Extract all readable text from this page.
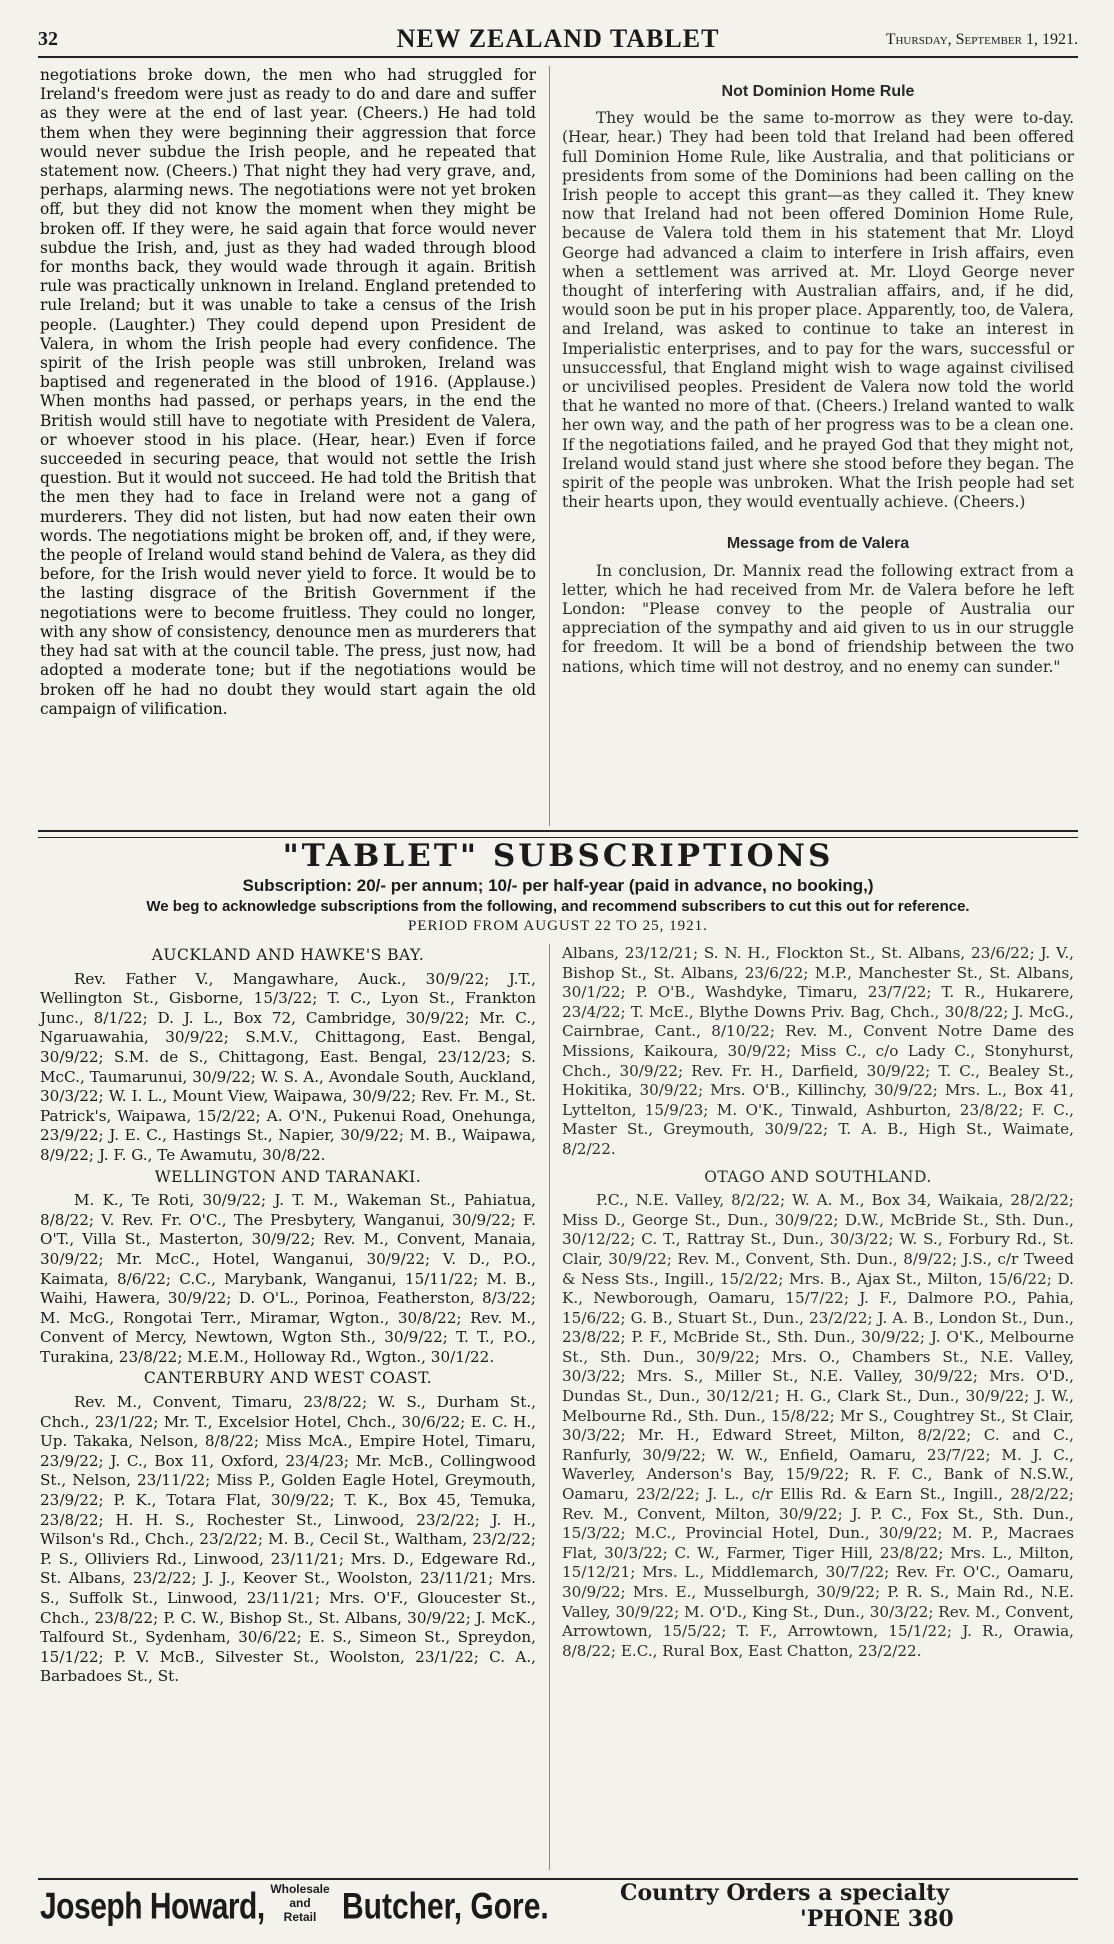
32	NEW ZEALAND TABLET	Thursday, September 1, 1921.

negotiations broke down, the men who had struggled for Ireland's freedom were just as ready to do and dare and suffer as they were at the end of last year. (Cheers.) He had told them when they were beginning their aggression that force would never subdue the Irish people, and he repeated that statement now. (Cheers.) That night they had very grave, and, perhaps, alarming news. The negotiations were not yet broken off, but they did not know the moment when they might be broken off. If they were, he said again that force would never subdue the Irish, and, just as they had waded through blood for months back, they would wade through it again. British rule was practically unknown in Ireland. England pretended to rule Ireland; but it was unable to take a census of the Irish people. (Laughter.) They could depend upon President de Valera, in whom the Irish people had every confidence. The spirit of the Irish people was still unbroken, Ireland was baptised and regenerated in the blood of 1916. (Applause.) When months had passed, or perhaps years, in the end the British would still have to negotiate with President de Valera, or whoever stood in his place. (Hear, hear.) Even if force succeeded in securing peace, that would not settle the Irish question. But it would not succeed. He had told the British that the men they had to face in Ireland were not a gang of murderers. They did not listen, but had now eaten their own words. The negotiations might be broken off, and, if they were, the people of Ireland would stand behind de Valera, as they did before, for the Irish would never yield to force. It would be to the lasting disgrace of the British Government if the negotiations were to become fruitless. They could no longer, with any show of consistency, denounce men as murderers that they had sat with at the council table. The press, just now, had adopted a moderate tone; but if the negotiations would be broken off he had no doubt they would start again the old campaign of vilification.

Not Dominion Home Rule

They would be the same to-morrow as they were to-day. (Hear, hear.) They had been told that Ireland had been offered full Dominion Home Rule, like Australia, and that politicians or presidents from some of the Dominions had been calling on the Irish people to accept this grant—as they called it. They knew now that Ireland had not been offered Dominion Home Rule, because de Valera told them in his statement that Mr. Lloyd George had advanced a claim to interfere in Irish affairs, even when a settlement was arrived at. Mr. Lloyd George never thought of interfering with Australian affairs, and, if he did, would soon be put in his proper place. Apparently, too, de Valera, and Ireland, was asked to continue to take an interest in Imperialistic enterprises, and to pay for the wars, successful or unsuccessful, that England might wish to wage against civilised or uncivilised peoples. President de Valera now told the world that he wanted no more of that. (Cheers.) Ireland wanted to walk her own way, and the path of her progress was to be a clean one. If the negotiations failed, and he prayed God that they might not, Ireland would stand just where she stood before they began. The spirit of the people was unbroken. What the Irish people had set their hearts upon, they would eventually achieve. (Cheers.)

Message from de Valera

In conclusion, Dr. Mannix read the following extract from a letter, which he had received from Mr. de Valera before he left London: "Please convey to the people of Australia our appreciation of the sympathy and aid given to us in our struggle for freedom. It will be a bond of friendship between the two nations, which time will not destroy, and no enemy can sunder."

"TABLET" SUBSCRIPTIONS
Subscription: 20/- per annum; 10/- per half-year (paid in advance, no booking,)
We beg to acknowledge subscriptions from the following, and recommend subscribers to cut this out for reference.
PERIOD FROM AUGUST 22 TO 25, 1921.
AUCKLAND AND HAWKE'S BAY.

Rev. Father V., Mangawhare, Auck., 30/9/22; J.T., Wellington St., Gisborne, 15/3/22; T. C., Lyon St., Frankton Junc., 8/1/22; D. J. L., Box 72, Cambridge, 30/9/22; Mr. C., Ngaruawahia, 30/9/22; S.M.V., Chittagong, East. Bengal, 30/9/22; S.M. de S., Chittagong, East. Bengal, 23/12/23; S. McC., Taumarunui, 30/9/22; W. S. A., Avondale South, Auckland, 30/3/22; W. I. L., Mount View, Waipawa, 30/9/22; Rev. Fr. M., St. Patrick's, Waipawa, 15/2/22; A. O'N., Pukenui Road, Onehunga, 23/9/22; J. E. C., Hastings St., Napier, 30/9/22; M. B., Waipawa, 8/9/22; J. F. G., Te Awamutu, 30/8/22.

WELLINGTON AND TARANAKI.

M. K., Te Roti, 30/9/22; J. T. M., Wakeman St., Pahiatua, 8/8/22; V. Rev. Fr. O'C., The Presbytery, Wanganui, 30/9/22; F. O'T., Villa St., Masterton, 30/9/22; Rev. M., Convent, Manaia, 30/9/22; Mr. McC., Hotel, Wanganui, 30/9/22; V. D., P.O., Kaimata, 8/6/22; C.C., Marybank, Wanganui, 15/11/22; M. B., Waihi, Hawera, 30/9/22; D. O'L., Porinoa, Featherston, 8/3/22; M. McG., Rongotai Terr., Miramar, Wgton., 30/8/22; Rev. M., Convent of Mercy, Newtown, Wgton Sth., 30/9/22; T. T., P.O., Turakina, 23/8/22; M.E.M., Holloway Rd., Wgton., 30/1/22.

CANTERBURY AND WEST COAST.

Rev. M., Convent, Timaru, 23/8/22; W. S., Durham St., Chch., 23/1/22; Mr. T., Excelsior Hotel, Chch., 30/6/22; E. C. H., Up. Takaka, Nelson, 8/8/22; Miss McA., Empire Hotel, Timaru, 23/9/22; J. C., Box 11, Oxford, 23/4/23; Mr. McB., Collingwood St., Nelson, 23/11/22; Miss P., Golden Eagle Hotel, Greymouth, 23/9/22; P. K., Totara Flat, 30/9/22; T. K., Box 45, Temuka, 23/8/22; H. H. S., Rochester St., Linwood, 23/2/22; J. H., Wilson's Rd., Chch., 23/2/22; M. B., Cecil St., Waltham, 23/2/22; P. S., Olliviers Rd., Linwood, 23/11/21; Mrs. D., Edgeware Rd., St. Albans, 23/2/22; J. J., Keover St., Woolston, 23/11/21; Mrs. S., Suffolk St., Linwood, 23/11/21; Mrs. O'F., Gloucester St., Chch., 23/8/22; P. C. W., Bishop St., St. Albans, 30/9/22; J. McK., Talfourd St., Sydenham, 30/6/22; E. S., Simeon St., Spreydon, 15/1/22; P. V. McB., Silvester St., Woolston, 23/1/22; C. A., Barbadoes St., St.

Albans, 23/12/21; S. N. H., Flockton St., St. Albans, 23/6/22; J. V., Bishop St., St. Albans, 23/6/22; M.P., Manchester St., St. Albans, 30/1/22; P. O'B., Washdyke, Timaru, 23/7/22; T. R., Hukarere, 23/4/22; T. McE., Blythe Downs Priv. Bag, Chch., 30/8/22; J. McG., Cairnbrae, Cant., 8/10/22; Rev. M., Convent Notre Dame des Missions, Kaikoura, 30/9/22; Miss C., c/o Lady C., Stonyhurst, Chch., 30/9/22; Rev. Fr. H., Darfield, 30/9/22; T. C., Bealey St., Hokitika, 30/9/22; Mrs. O'B., Killinchy, 30/9/22; Mrs. L., Box 41, Lyttelton, 15/9/23; M. O'K., Tinwald, Ashburton, 23/8/22; F. C., Master St., Greymouth, 30/9/22; T. A. B., High St., Waimate, 8/2/22.

OTAGO AND SOUTHLAND.

P.C., N.E. Valley, 8/2/22; W. A. M., Box 34, Waikaia, 28/2/22; Miss D., George St., Dun., 30/9/22; D.W., McBride St., Sth. Dun., 30/12/22; C. T., Rattray St., Dun., 30/3/22; W. S., Forbury Rd., St. Clair, 30/9/22; Rev. M., Convent, Sth. Dun., 8/9/22; J.S., c/r Tweed & Ness Sts., Ingill., 15/2/22; Mrs. B., Ajax St., Milton, 15/6/22; D. K., Newborough, Oamaru, 15/7/22; J. F., Dalmore P.O., Pahia, 15/6/22; G. B., Stuart St., Dun., 23/2/22; J. A. B., London St., Dun., 23/8/22; P. F., McBride St., Sth. Dun., 30/9/22; J. O'K., Melbourne St., Sth. Dun., 30/9/22; Mrs. O., Chambers St., N.E. Valley, 30/3/22; Mrs. S., Miller St., N.E. Valley, 30/9/22; Mrs. O'D., Dundas St., Dun., 30/12/21; H. G., Clark St., Dun., 30/9/22; J. W., Melbourne Rd., Sth. Dun., 15/8/22; Mr S., Coughtrey St., St Clair, 30/3/22; Mr. H., Edward Street, Milton, 8/2/22; C. and C., Ranfurly, 30/9/22; W. W., Enfield, Oamaru, 23/7/22; M. J. C., Waverley, Anderson's Bay, 15/9/22; R. F. C., Bank of N.S.W., Oamaru, 23/2/22; J. L., c/r Ellis Rd. & Earn St., Ingill., 28/2/22; Rev. M., Convent, Milton, 30/9/22; J. P. C., Fox St., Sth. Dun., 15/3/22; M.C., Provincial Hotel, Dun., 30/9/22; M. P., Macraes Flat, 30/3/22; C. W., Farmer, Tiger Hill, 23/8/22; Mrs. L., Milton, 15/12/21; Mrs. L., Middlemarch, 30/7/22; Rev. Fr. O'C., Oamaru, 30/9/22; Mrs. E., Musselburgh, 30/9/22; P. R. S., Main Rd., N.E. Valley, 30/9/22; M. O'D., King St., Dun., 30/3/22; Rev. M., Convent, Arrowtown, 15/5/22; T. F., Arrowtown, 15/1/22; J. R., Orawia, 8/8/22; E.C., Rural Box, East Chatton, 23/2/22.

Joseph Howard, Wholesale
and
Retail Butcher, Gore.	Country Orders a specialty
'PHONE 380
